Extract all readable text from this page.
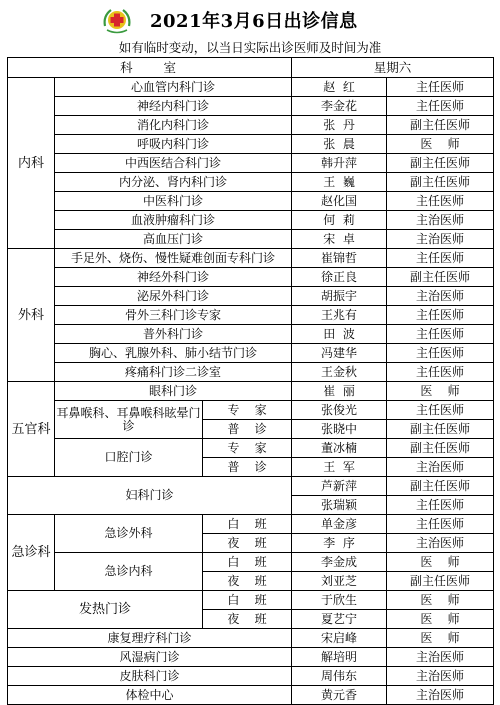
2021年3月6日出诊信息
如有临时变动，以当日实际出诊医师及时间为准
科    室			星期六	
内科	心血管内科门诊		赵  红	主任医师
	神经内科门诊		李金花	主任医师
	消化内科门诊		张  丹	副主任医师
	呼吸内科门诊		张  晨	医    师
	中西医结合科门诊		韩升萍	副主任医师
	内分泌、肾内科门诊		王  巍	副主任医师
	中医科门诊		赵化国	主任医师
	血液肿瘤科门诊		何  莉	主治医师
	高血压门诊		宋  卓	主治医师
外科	手足外、烧伤、慢性疑难创面专科门诊		崔锦哲	主任医师
	神经外科门诊		徐正良	副主任医师
	泌尿外科门诊		胡振宇	主治医师
	骨外三科门诊专家		王兆有	主任医师
	普外科门诊		田  波	主任医师
	胸心、乳腺外科、肺小结节门诊		冯建华	主任医师
	疼痛科门诊二诊室		王金秋	主任医师
五官科	眼科门诊		崔  丽	医    师
	耳鼻喉科、耳鼻喉科眩晕门诊	专    家	张俊光	主任医师
		普    诊	张晓中	副主任医师
	口腔门诊	专    家	董冰楠	副主任医师
		普    诊	王  军	主治医师
妇科门诊			芦新萍	副主任医师
			张瑞颖	主任医师
急诊科	急诊外科	白    班	单金彦	主任医师
		夜    班	李  序	主治医师
	急诊内科	白    班	李金成	医    师
		夜    班	刘亚芝	副主任医师
发热门诊		白    班	于欣生	医    师
		夜    班	夏艺宁	医    师
康复理疗科门诊			宋启峰	医    师
风湿病门诊			解培明	主治医师
皮肤科门诊			周伟东	主治医师
体检中心			黄元香	主治医师
